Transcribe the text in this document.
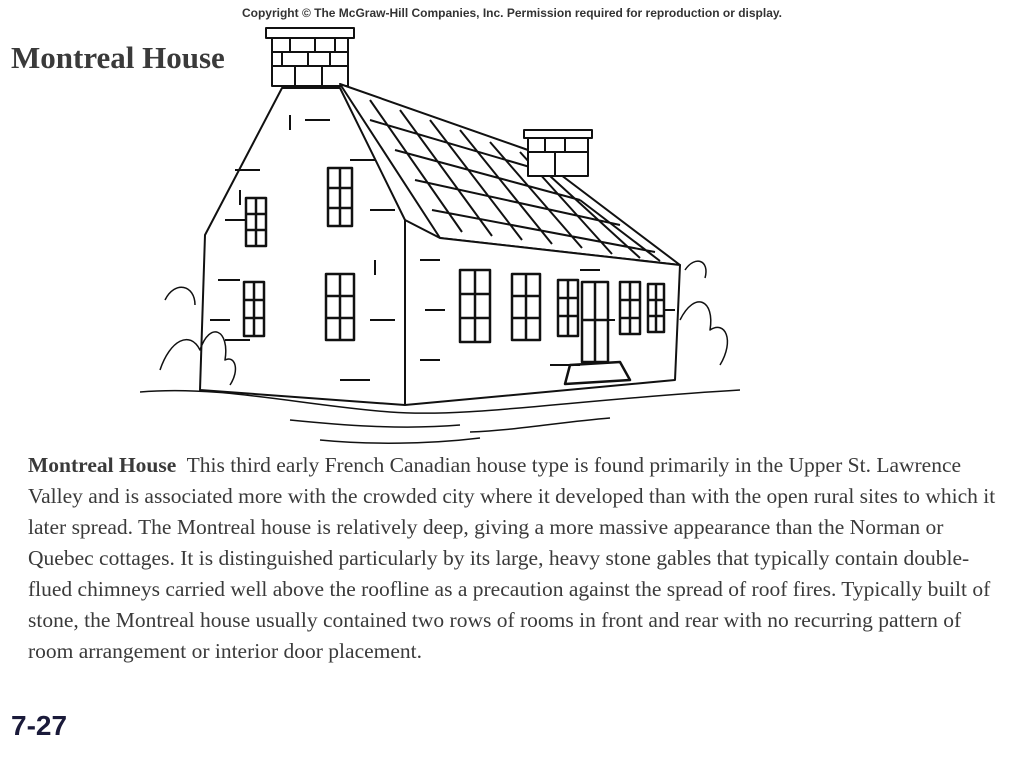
Copyright © The McGraw-Hill Companies, Inc. Permission required for reproduction or display.
Montreal House

Montreal House This third early French Canadian house type is found primarily in the Upper St. Lawrence Valley and is associated more with the crowded city where it developed than with the open rural sites to which it later spread. The Montreal house is relatively deep, giving a more massive appearance than the Norman or Quebec cottages. It is distinguished particularly by its large, heavy stone gables that typically contain double-flued chimneys carried well above the roofline as a precaution against the spread of roof fires. Typically built of stone, the Montreal house usually contained two rows of rooms in front and rear with no recurring pattern of room arrangement or interior door placement.

7-27
